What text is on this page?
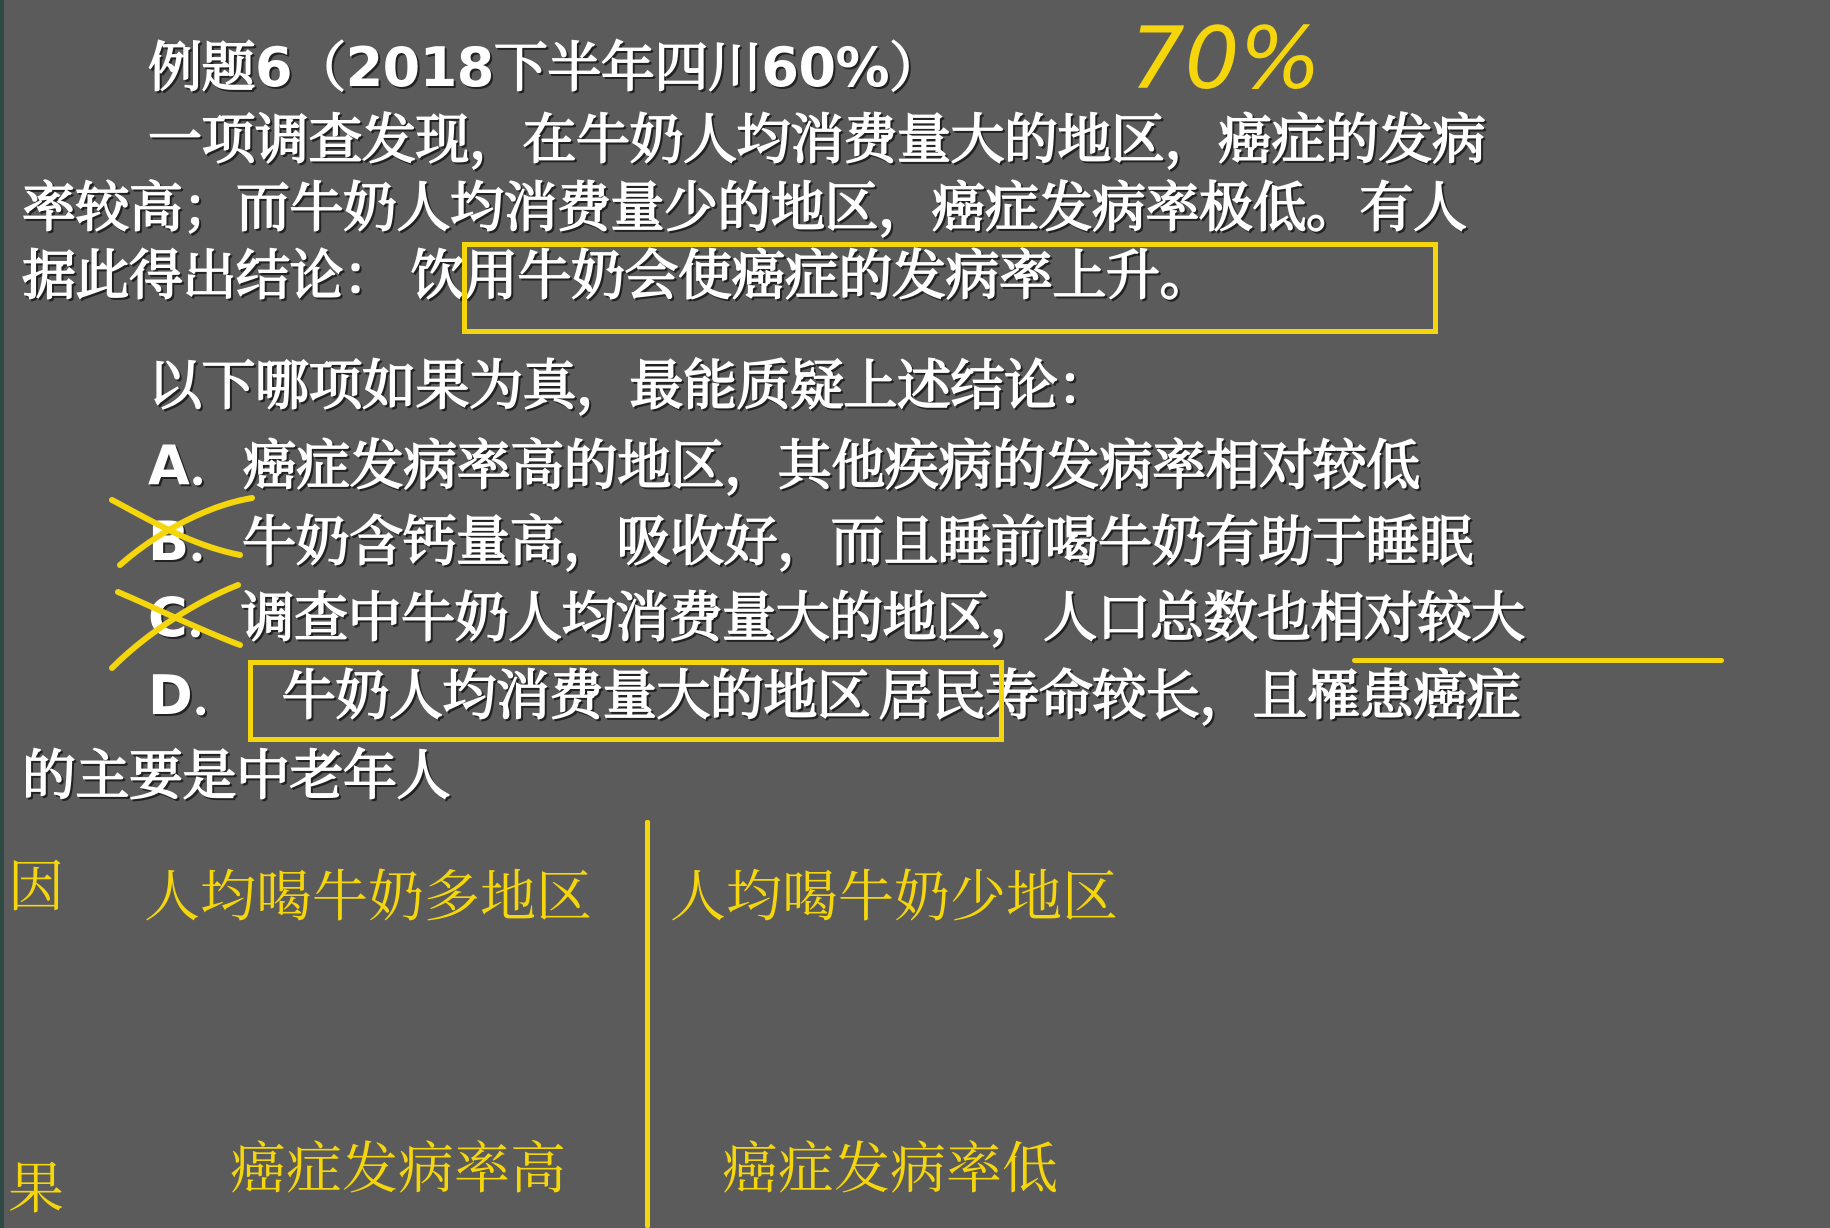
例题6（2018下半年四川60%）	70%
一项调查发现，在牛奶人均消费量大的地区，癌症的发病
率较高；而牛奶人均消费量少的地区，癌症发病率极低。有人
据此得出结论： 饮用牛奶会使癌症的发病率上升。
以下哪项如果为真，最能质疑上述结论：
A．癌症发病率高的地区，其他疾病的发病率相对较低
B．牛奶含钙量高，吸收好，而且睡前喝牛奶有助于睡眠
C．调查中牛奶人均消费量大的地区，人口总数也相对较大
D． 牛奶人均消费量大的地区 居民寿命较长，且罹患癌症
的主要是中老年人
因
果
人均喝牛奶多地区 人均喝牛奶少地区
癌症发病率高	癌症发病率低
